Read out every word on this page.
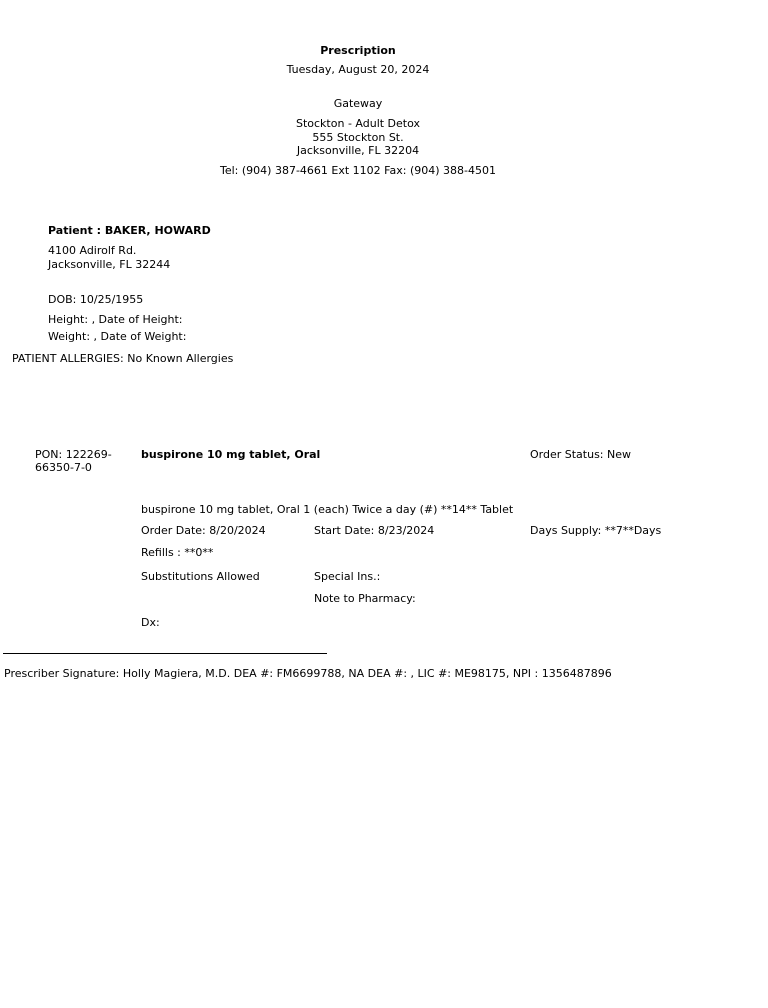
Prescription
Tuesday, August 20, 2024
Gateway
Stockton - Adult Detox
555 Stockton St.
Jacksonville, FL 32204
Tel: (904) 387-4661 Ext 1102 Fax: (904) 388-4501
Patient : BAKER, HOWARD
4100 Adirolf Rd.
Jacksonville, FL 32244
DOB: 10/25/1955
Height: , Date of Height:
Weight: , Date of Weight:
PATIENT ALLERGIES: No Known Allergies
PON: 122269-
66350-7-0
buspirone 10 mg tablet, Oral	Order Status: New
buspirone 10 mg tablet, Oral 1 (each) Twice a day (#) **14** Tablet
Order Date: 8/20/2024	Start Date: 8/23/2024	Days Supply: **7**Days
Refills : **0**
Substitutions Allowed	Special Ins.:
Note to Pharmacy:
Dx:
Prescriber Signature: Holly Magiera, M.D. DEA #: FM6699788, NA DEA #: , LIC #: ME98175, NPI : 1356487896
